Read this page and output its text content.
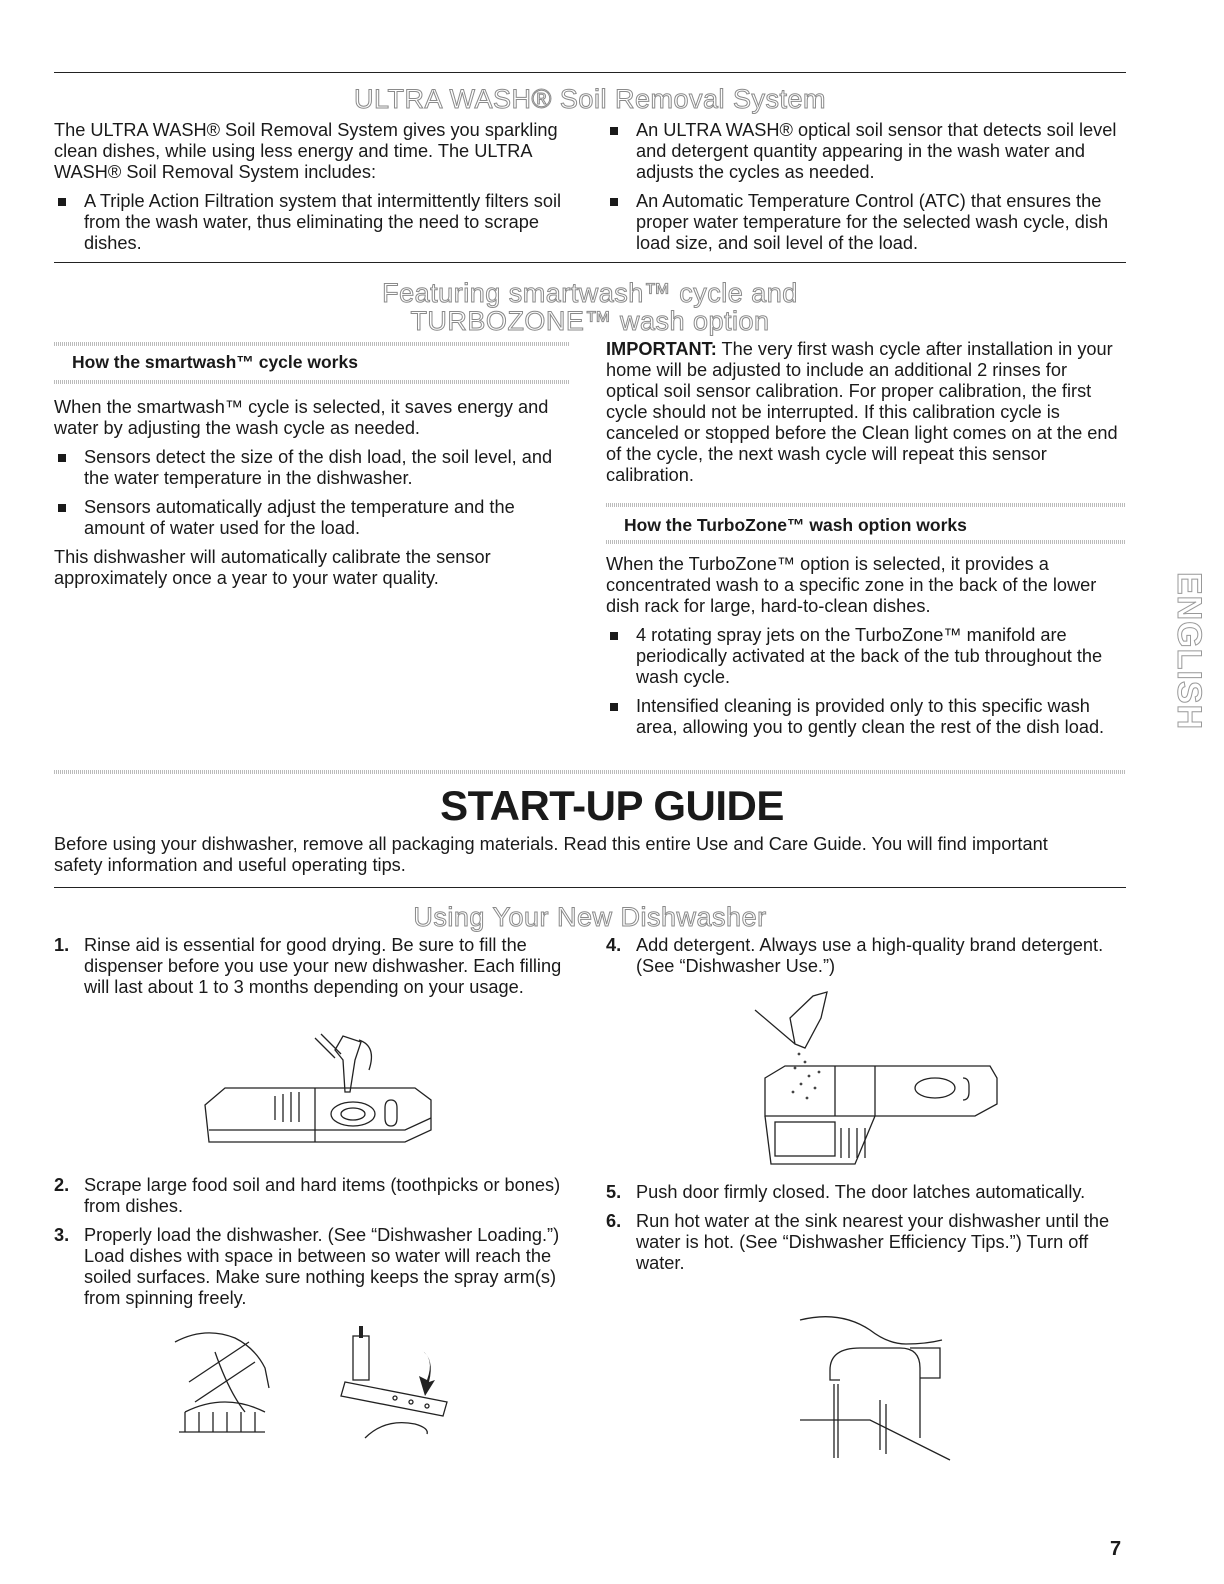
ULTRA WASH® Soil Removal System

The ULTRA WASH® Soil Removal System gives you sparkling clean dishes, while using less energy and time. The ULTRA WASH® Soil Removal System includes:

A Triple Action Filtration system that intermittently filters soil from the wash water, thus eliminating the need to scrape dishes.
An ULTRA WASH® optical soil sensor that detects soil level and detergent quantity appearing in the wash water and adjusts the cycles as needed.
An Automatic Temperature Control (ATC) that ensures the proper water temperature for the selected wash cycle, dish load size, and soil level of the load.
Featuring smartwash™ cycle and
TURBOZONE™ wash option
How the smartwash™ cycle works

When the smartwash™ cycle is selected, it saves energy and water by adjusting the wash cycle as needed.

Sensors detect the size of the dish load, the soil level, and the water temperature in the dishwasher.
Sensors automatically adjust the temperature and the amount of water used for the load.

This dishwasher will automatically calibrate the sensor approximately once a year to your water quality.

IMPORTANT: The very first wash cycle after installation in your home will be adjusted to include an additional 2 rinses for optical soil sensor calibration. For proper calibration, the first cycle should not be interrupted. If this calibration cycle is canceled or stopped before the Clean light comes on at the end of the cycle, the next wash cycle will repeat this sensor calibration.

How the TurboZone™ wash option works

When the TurboZone™ option is selected, it provides a concentrated wash to a specific zone in the back of the lower dish rack for large, hard-to-clean dishes.

4 rotating spray jets on the TurboZone™ manifold are periodically activated at the back of the tub throughout the wash cycle.
Intensified cleaning is provided only to this specific wash area, allowing you to gently clean the rest of the dish load.
START-UP GUIDE
Before using your dishwasher, remove all packaging materials. Read this entire Use and Care Guide. You will find important safety information and useful operating tips.
Using Your New Dishwasher
1. Rinse aid is essential for good drying. Be sure to fill the dispenser before you use your new dishwasher. Each filling will last about 1 to 3 months depending on your usage.
2. Scrape large food soil and hard items (toothpicks or bones) from dishes.
3. Properly load the dishwasher. (See “Dishwasher Loading.”) Load dishes with space in between so water will reach the soiled surfaces. Make sure nothing keeps the spray arm(s) from spinning freely.
4. Add detergent. Always use a high-quality brand detergent. (See “Dishwasher Use.”)
5. Push door firmly closed. The door latches automatically.
6. Run hot water at the sink nearest your dishwasher until the water is hot. (See “Dishwasher Efficiency Tips.”) Turn off water.
ENGLISH
7
